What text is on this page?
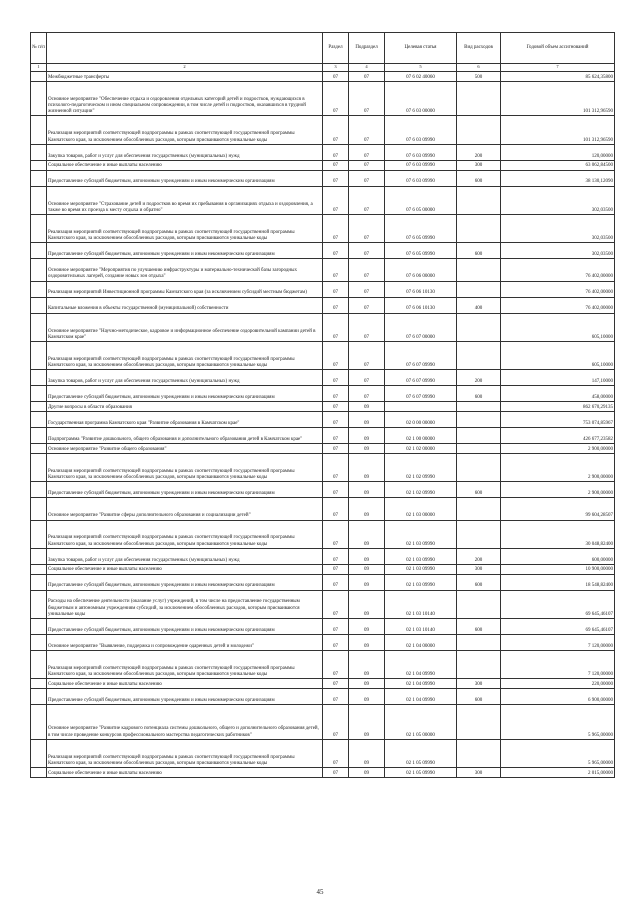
№ п/п		Раздел	Подраздел	Целевая статья	Вид расходов	Годовой объем ассигнований
1	2	3	4	5	6	7
	Межбюджетные трансферты	07	07	07 6 02 40060	500	85 624,35800
	Основное мероприятие "Обеспечение отдыха и оздоровления отдельных категорий детей и подростков, нуждающихся в психолого-педагогическом и ином специальном сопровождении, в том числе детей и подростков, оказавшихся в трудной жизненной ситуации"	07	07	07 6 03 00000		101 312,96590
	Реализация мероприятий соответствующей подпрограммы в рамках соответствующей государственной программы Камчатского края, за исключением обособленных расходов, которым присваиваются уникальные коды	07	07	07 6 03 09990		101 312,96590
	Закупка товаров, работ и услуг для обеспечения государственных (муниципальных) нужд	07	07	07 6 03 09990	200	120,00000
	Социальное обеспечение и иные выплаты населению	07	07	07 6 03 09990	300	63 062,84500
	Предоставление субсидий бюджетным, автономным учреждениям и иным некоммерческим организациям	07	07	07 6 03 09990	600	38 130,12090
	Основное мероприятие "Страхование детей и подростков во время их пребывания в организациях отдыха и оздоровления, а также во время их проезда к месту отдыха и обратно"	07	07	07 6 05 00000		302,03500
	Реализация мероприятий соответствующей подпрограммы в рамках соответствующей государственной программы Камчатского края, за исключением обособленных расходов, которым присваиваются уникальные коды	07	07	07 6 05 09990		302,03500
	Предоставление субсидий бюджетным, автономным учреждениям и иным некоммерческим организациям	07	07	07 6 05 09990	600	302,03500
	Основное мероприятие "Мероприятия по улучшению инфраструктуры и материально-технической базы загородных оздоровительных лагерей, создание новых зон отдыха"	07	07	07 6 06 00000		76 402,00000
	Реализация мероприятий Инвестиционной программы Камчатского края (за исключением субсидий местным бюджетам)	07	07	07 6 06 10130		76 402,00000
	Капитальные вложения в объекты государственной (муниципальной) собственности	07	07	07 6 06 10130	400	76 402,00000
	Основное мероприятие "Научно-методическое, кадровое и информационное обеспечение оздоровительной кампании детей в Камчатском крае"	07	07	07 6 07 00000		605,10000
	Реализация мероприятий соответствующей подпрограммы в рамках соответствующей государственной программы Камчатского края, за исключением обособленных расходов, которым присваиваются уникальные коды	07	07	07 6 07 09990		605,10000
	Закупка товаров, работ и услуг для обеспечения государственных (муниципальных) нужд	07	07	07 6 07 09990	200	147,10000
	Предоставление субсидий бюджетным, автономным учреждениям и иным некоммерческим организациям	07	07	07 6 07 09990	600	458,00000
	Другие вопросы в области образования	07	09			862 670,29135
	Государственная программа Камчатского края "Развитие образования в Камчатском крае"	07	09	02 0 00 00000		753 074,85967
	Подпрограмма "Развитие дошкольного, общего образования и дополнительного образования детей в Камчатском крае"	07	09	02 1 00 00000		426 677,23582
	Основное мероприятие "Развитие общего образования"	07	09	02 1 02 00000		2 900,00000
	Реализация мероприятий соответствующей подпрограммы в рамках соответствующей государственной программы Камчатского края, за исключением обособленных расходов, которым присваиваются уникальные коды	07	09	02 1 02 09990		2 900,00000
	Предоставление субсидий бюджетным, автономным учреждениям и иным некоммерческим организациям	07	09	02 1 02 09990	600	2 900,00000
	Основное мероприятие "Развитие сферы дополнительного образования и социализации детей"	07	09	02 1 03 00000		99 604,28507
	Реализация мероприятий соответствующей подпрограммы в рамках соответствующей государственной программы Камчатского края, за исключением обособленных расходов, которым присваиваются уникальные коды	07	09	02 1 03 09990		30 048,82400
	Закупка товаров, работ и услуг для обеспечения государственных (муниципальных) нужд	07	09	02 1 03 09990	200	600,00000
	Социальное обеспечение и иные выплаты населению	07	09	02 1 03 09990	300	10 900,00000
	Предоставление субсидий бюджетным, автономным учреждениям и иным некоммерческим организациям	07	09	02 1 03 09990	600	18 548,82400
	Расходы на обеспечение деятельности (оказание услуг) учреждений, в том числе на предоставление государственным бюджетным и автономным учреждениям субсидий, за исключением обособленных расходов, которым присваиваются уникальные коды	07	09	02 1 03 10140		69 645,46107
	Предоставление субсидий бюджетным, автономным учреждениям и иным некоммерческим организациям	07	09	02 1 03 10140	600	69 645,46107
	Основное мероприятие "Выявление, поддержка и сопровождение одаренных детей и молодежи"	07	09	02 1 04 00000		7 120,00000
	Реализация мероприятий соответствующей подпрограммы в рамках соответствующей государственной программы Камчатского края, за исключением обособленных расходов, которым присваиваются уникальные коды	07	09	02 1 04 09990		7 120,00000
	Социальное обеспечение и иные выплаты населению	07	09	02 1 04 09990	300	220,00000
	Предоставление субсидий бюджетным, автономным учреждениям и иным некоммерческим организациям	07	09	02 1 04 09990	600	6 900,00000
	Основное мероприятие "Развитие кадрового потенциала системы дошкольного, общего и дополнительного образования детей, в том числе проведение конкурсов профессионального мастерства педагогических работников"	07	09	02 1 05 00000		5 965,00000
	Реализация мероприятий соответствующей подпрограммы в рамках соответствующей государственной программы Камчатского края, за исключением обособленных расходов, которым присваиваются уникальные коды	07	09	02 1 05 09990		5 965,00000
	Социальное обеспечение и иные выплаты населению	07	09	02 1 05 09990	300	2 015,00000
45
